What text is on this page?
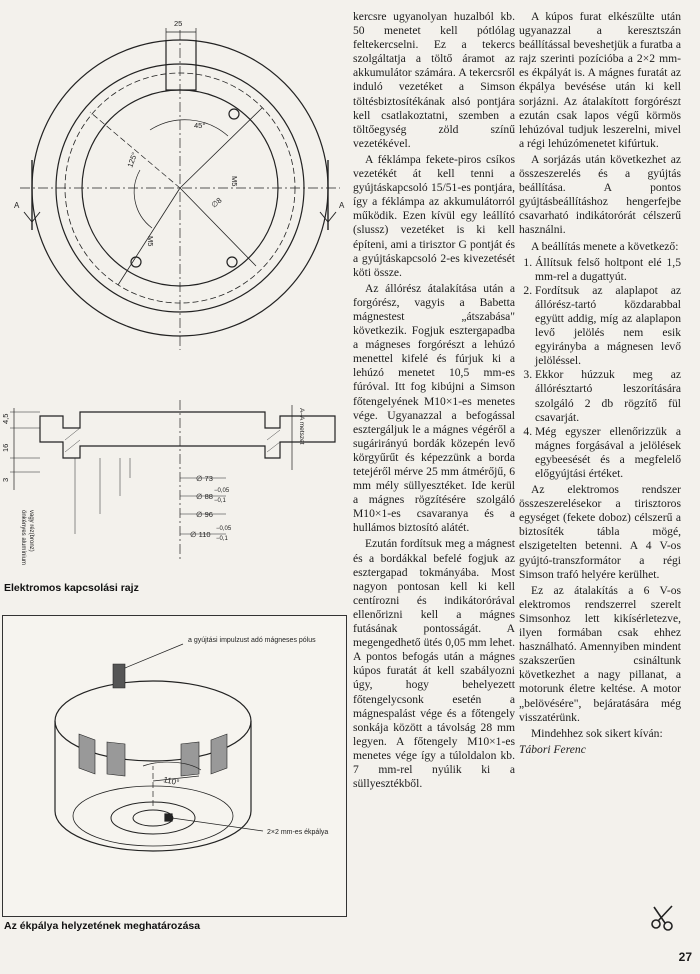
25
45°
125°
M5
M5
∅8
A	A
4,5
16
3
A–A metszet
önkényes alumínium vagy réz(bronz)
∅ 73
∅ 88
−0,05
−0,1
∅ 96
∅ 110
−0,05
−0,1
Elektromos kapcsolási rajz
a gyújtási impulzust adó mágneses pólus
110°
2×2 mm-es ékpálya
Az ékpálya helyzetének meghatározása

kercsre ugyanolyan huzalból kb. 50 menetet kell pótlólag feltekercselni. Ez a tekercs szolgáltatja a töltő áramot az akkumulátor számára. A tekercsről induló vezetéket a Simson töltésbiztosítékának alsó pontjára kell csatlakoztatni, szemben a töltőegység zöld színű vezetékével.

A féklámpa fekete-piros csíkos vezetékét át kell tenni a gyújtáskapcsoló 15/51-es pontjára, így a féklámpa az akkumulátorról működik. Ezen kívül egy leállító (slussz) vezetéket is ki kell építeni, ami a tirisztor G pontját és a gyújtáskapcsoló 2-es kivezetését köti össze.

Az állórész átalakítása után a forgórész, vagyis a Babetta mágnestest „átszabása" következik. Fogjuk esztergapadba a mágneses forgórészt a lehúzó menettel kifelé és fúrjuk ki a lehúzó menetet 10,5 mm-es fúróval. Itt fog kibújni a Simson főtengelyének M10×1-es menetes vége. Ugyanazzal a befogással esztergáljuk le a mágnes végéről a sugárirányú bordák közepén levő körgyűrűt és képezzünk a borda tetejéről mérve 25 mm átmérőjű, 6 mm mély süllyesztéket. Ide kerül a mágnes rögzítésére szolgáló M10×1-es csavaranya és a hullámos biztosító alátét.

Ezután fordítsuk meg a mágnest és a bordákkal befelé fogjuk az esztergapad tokmányába. Most nagyon pontosan kell ki kell centírozni és indikátorórával ellenőrizni kell a mágnes futásának pontosságát. A megengedhető ütés 0,05 mm lehet. A pontos befogás után a mágnes kúpos furatát át kell szabályozni úgy, hogy behelyezett főtengelycsonk esetén a mágnespalást vége és a főtengely sonkája között a távolság 28 mm legyen. A főtengely M10×1-es menetes vége így a túloldalon kb. 7 mm-rel nyúlik ki a süllyesztékből.

A kúpos furat elkészülte után ugyanazzal a keresztszán beállítással beveshetjük a furatba a rajz szerinti pozícióba a 2×2 mm-es ékpályát is. A mágnes furatát az ékpálya bevésése után ki kell sorjázni. Az átalakított forgórészt ezután csak lapos végű körmös lehúzóval tudjuk leszerelni, mivel a régi lehúzómenetet kifúrtuk.

A sorjázás után következhet az összeszerelés és a gyújtás beállítása. A pontos gyújtásbeállításhoz hengerfejbe csavarható indikátorórát célszerű használni.

A beállítás menete a következő:

1. Állítsuk felső holtpont elé 1,5 mm-rel a dugattyút.
2. Fordítsuk az alaplapot az állórész-tartó közdarabbal együtt addig, míg az alaplapon levő jelölés nem esik egyirányba a mágnesen levő jelöléssel.
3. Ekkor húzzuk meg az állórésztartó leszorítására szolgáló 2 db rögzítő fül csavarját.
4. Még egyszer ellenőrizzük a mágnes forgásával a jelölések egybeesését és a megfelelő előgyújtási értéket.

Az elektromos rendszer összeszerelésekor a tirisztoros egységet (fekete doboz) célszerű a biztosíték tábla mögé, elszigetelten betenni. A 4 V-os gyújtó-transzformátor a régi Simson trafó helyére kerülhet.

Ez az átalakítás a 6 V-os elektromos rendszerrel szerelt Simsonhoz lett kikísérletezve, ilyen formában csak ehhez használható. Amennyiben mindent szakszerűen csináltunk következhet a nagy pillanat, a motorunk életre keltése. A motor „belövésére", bejáratására még visszatérünk.

Mindehhez sok sikert kíván:

Tábori Ferenc

27
